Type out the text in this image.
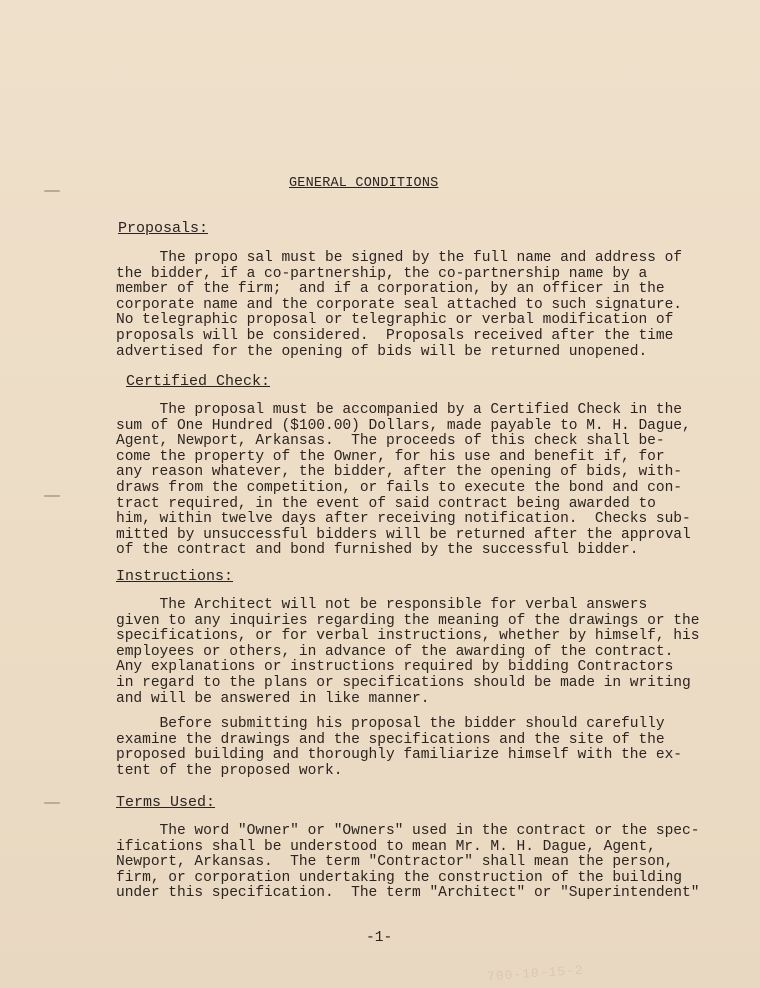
GENERAL CONDITIONS
Proposals:
The propo sal must be signed by the full name and address of
the bidder, if a co-partnership, the co-partnership name by a
member of the firm;  and if a corporation, by an officer in the
corporate name and the corporate seal attached to such signature.
No telegraphic proposal or telegraphic or verbal modification of
proposals will be considered.  Proposals received after the time
advertised for the opening of bids will be returned unopened.
Certified Check:
The proposal must be accompanied by a Certified Check in the
sum of One Hundred ($100.00) Dollars, made payable to M. H. Dague,
Agent, Newport, Arkansas.  The proceeds of this check shall be-
come the property of the Owner, for his use and benefit if, for
any reason whatever, the bidder, after the opening of bids, with-
draws from the competition, or fails to execute the bond and con-
tract required, in the event of said contract being awarded to
him, within twelve days after receiving notification.  Checks sub-
mitted by unsuccessful bidders will be returned after the approval
of the contract and bond furnished by the successful bidder.
Instructions:
The Architect will not be responsible for verbal answers
given to any inquiries regarding the meaning of the drawings or the
specifications, or for verbal instructions, whether by himself, his
employees or others, in advance of the awarding of the contract.
Any explanations or instructions required by bidding Contractors
in regard to the plans or specifications should be made in writing
and will be answered in like manner.
Before submitting his proposal the bidder should carefully
examine the drawings and the specifications and the site of the
proposed building and thoroughly familiarize himself with the ex-
tent of the proposed work.
Terms Used:
The word "Owner" or "Owners" used in the contract or the spec-
ifications shall be understood to mean Mr. M. H. Dague, Agent,
Newport, Arkansas.  The term "Contractor" shall mean the person,
firm, or corporation undertaking the construction of the building
under this specification.  The term "Architect" or "Superintendent"
-1-
700-10-15-2
